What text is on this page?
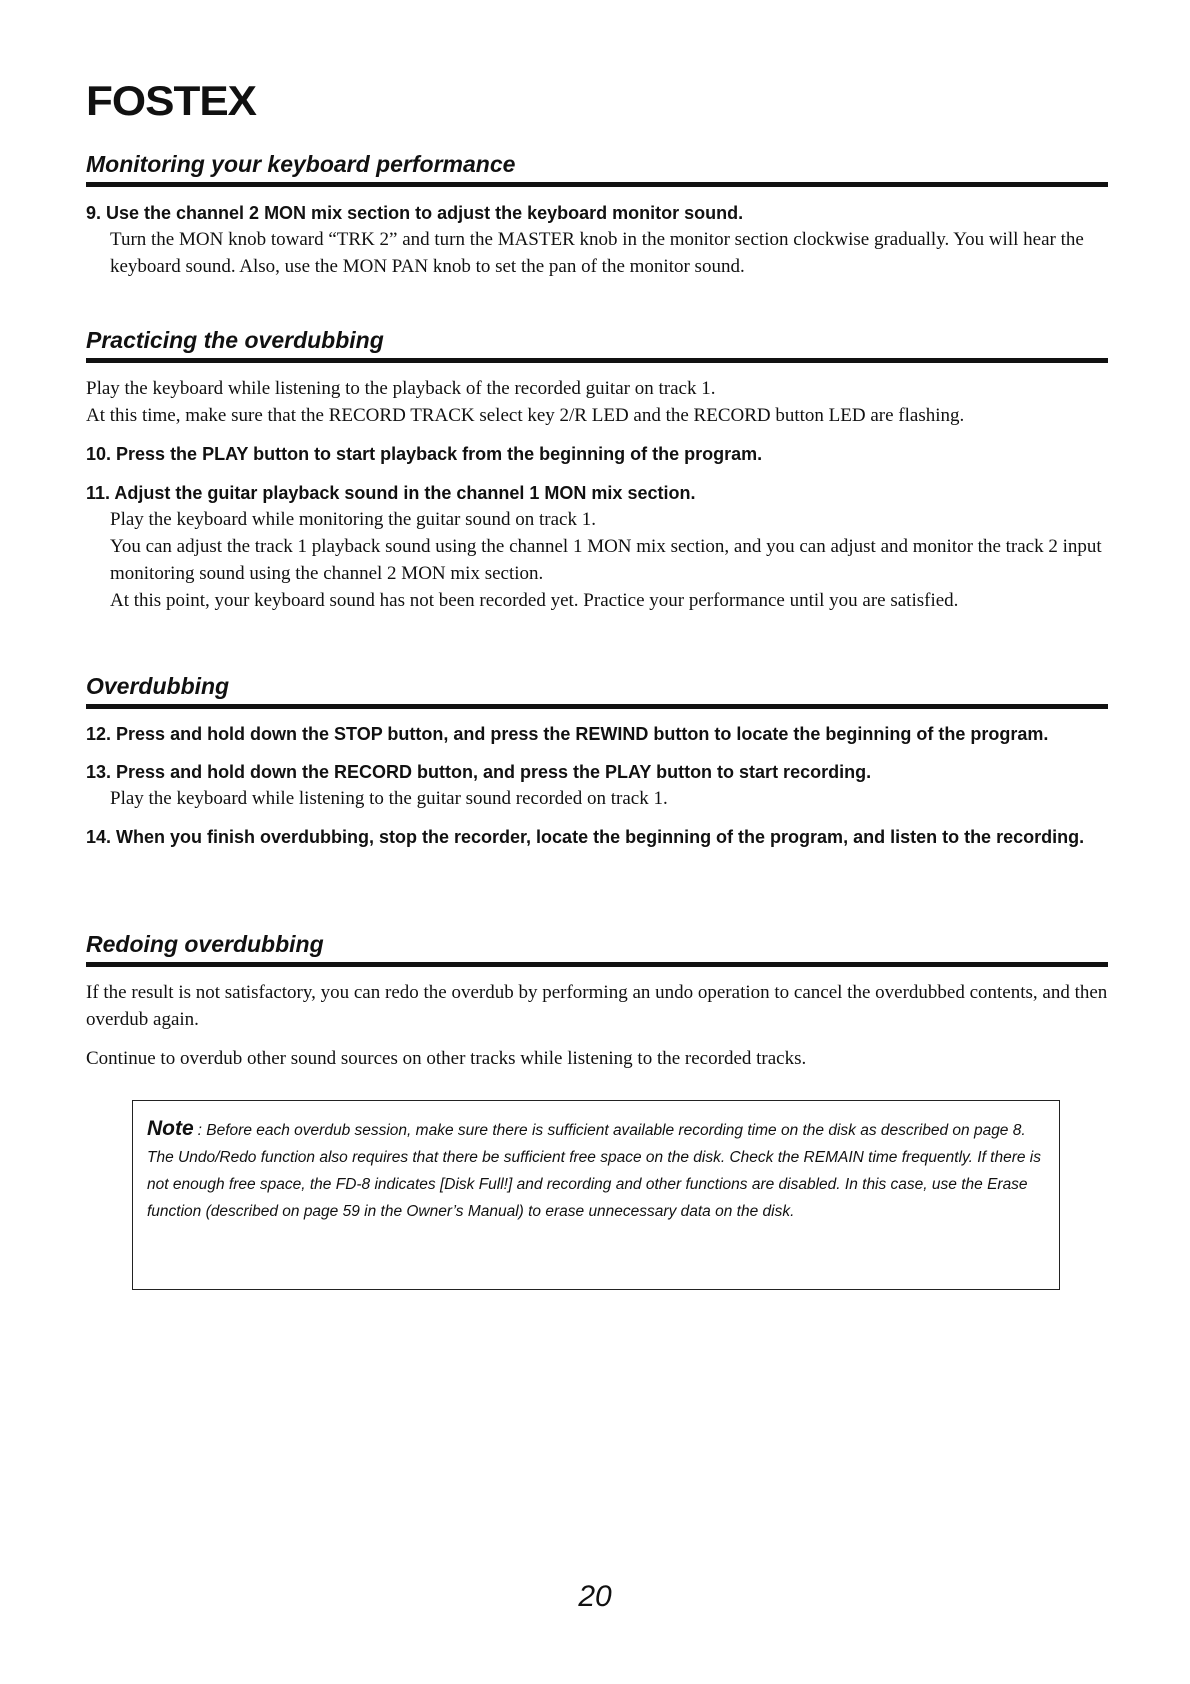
FOSTEX
Monitoring your keyboard performance

9. Use the channel 2 MON mix section to adjust the keyboard monitor sound.

Turn the MON knob toward “TRK 2” and turn the MASTER knob in the monitor section clockwise gradually. You will hear the keyboard sound. Also, use the MON PAN knob to set the pan of the monitor sound.

Practicing the overdubbing

Play the keyboard while listening to the playback of the recorded guitar on track 1.

At this time, make sure that the RECORD TRACK select key 2/R LED and the RECORD button LED are flashing.

10. Press the PLAY button to start playback from the beginning of the program.

11. Adjust the guitar playback sound in the channel 1 MON mix section.

Play the keyboard while monitoring the guitar sound on track 1.

You can adjust the track 1 playback sound using the channel 1 MON mix section, and you can adjust and monitor the track 2 input monitoring sound using the channel 2 MON mix section.

At this point, your keyboard sound has not been recorded yet. Practice your performance until you are satisfied.

Overdubbing

12. Press and hold down the STOP button, and press the REWIND button to locate the beginning of the program.

13. Press and hold down the RECORD button, and press the PLAY button to start recording.

Play the keyboard while listening to the guitar sound recorded on track 1.

14. When you finish overdubbing, stop the recorder, locate the beginning of the program, and listen to the recording.

Redoing overdubbing

If the result is not satisfactory, you can redo the overdub by performing an undo operation to cancel the overdubbed contents, and then overdub again.

Continue to overdub other sound sources on other tracks while listening to the recorded tracks.

Note : Before each overdub session, make sure there is sufficient available recording time on the disk as described on page 8.
The Undo/Redo function also requires that there be sufficient free space on the disk. Check the REMAIN time frequently. If there is not enough free space, the FD-8 indicates [Disk Full!] and recording and other functions are disabled. In this case, use the Erase function (described on page 59 in the Owner’s Manual) to erase unnecessary data on the disk.
20
